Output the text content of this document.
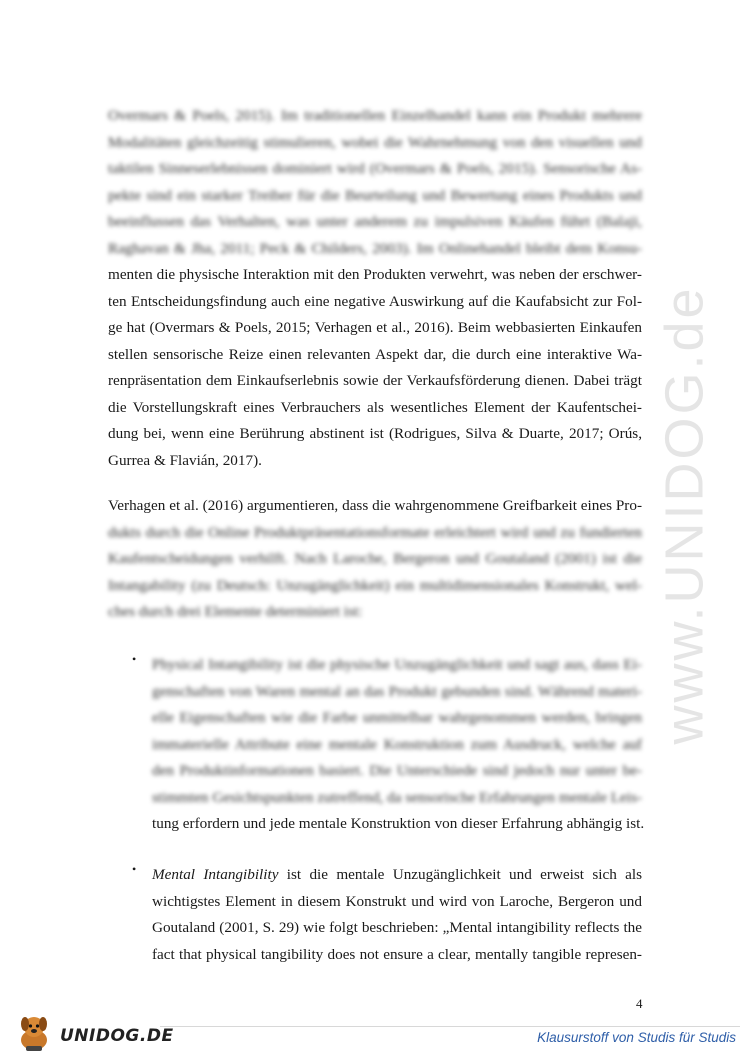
www.UNIDOG.de
Overmars & Poels, 2015). Im traditionellen Einzelhandel kann ein Produkt mehrere
Modalitäten gleichzeitig stimulieren, wobei die Wahrnehmung von den visuellen und
taktilen Sinneserlebnissen dominiert wird (Overmars & Poels, 2015). Sensorische As-
pekte sind ein starker Treiber für die Beurteilung und Bewertung eines Produkts und
beeinflussen das Verhalten, was unter anderem zu impulsiven Käufen führt (Balaji,
Raghavan & Jha, 2011; Peck & Childers, 2003). Im Onlinehandel bleibt dem Konsu-
menten die physische Interaktion mit den Produkten verwehrt, was neben der erschwer-
ten Entscheidungsfindung auch eine negative Auswirkung auf die Kaufabsicht zur Fol-
ge hat (Overmars & Poels, 2015; Verhagen et al., 2016). Beim webbasierten Einkaufen
stellen sensorische Reize einen relevanten Aspekt dar, die durch eine interaktive Wa-
renpräsentation dem Einkaufserlebnis sowie der Verkaufsförderung dienen. Dabei trägt
die Vorstellungskraft eines Verbrauchers als wesentliches Element der Kaufentschei-
dung bei, wenn eine Berührung abstinent ist (Rodrigues, Silva & Duarte, 2017; Orús,
Gurrea & Flavián, 2017).
Verhagen et al. (2016) argumentieren, dass die wahrgenommene Greifbarkeit eines Pro-
dukts durch die Online Produktpräsentationsformate erleichtert wird und zu fundierten
Kaufentscheidungen verhilft. Nach Laroche, Bergeron und Goutaland (2001) ist die
Intangability (zu Deutsch: Unzugänglichkeit) ein multidimensionales Konstrukt, wel-
ches durch drei Elemente determiniert ist:
• Physical Intangibility ist die physische Unzugänglichkeit und sagt aus, dass Ei-
genschaften von Waren mental an das Produkt gebunden sind. Während materi-
elle Eigenschaften wie die Farbe unmittelbar wahrgenommen werden, bringen
immaterielle Attribute eine mentale Konstruktion zum Ausdruck, welche auf
den Produktinformationen basiert. Die Unterschiede sind jedoch nur unter be-
stimmten Gesichtspunkten zutreffend, da sensorische Erfahrungen mentale Leis-
tung erfordern und jede mentale Konstruktion von dieser Erfahrung abhängig ist.
• Mental Intangibility ist die mentale Unzugänglichkeit und erweist sich als
wichtigstes Element in diesem Konstrukt und wird von Laroche, Bergeron und
Goutaland (2001, S. 29) wie folgt beschrieben: „Mental intangibility reflects the
fact that physical tangibility does not ensure a clear, mentally tangible represen-
4
UNIDOG.DE	Klausurstoff von Studis für Studis
